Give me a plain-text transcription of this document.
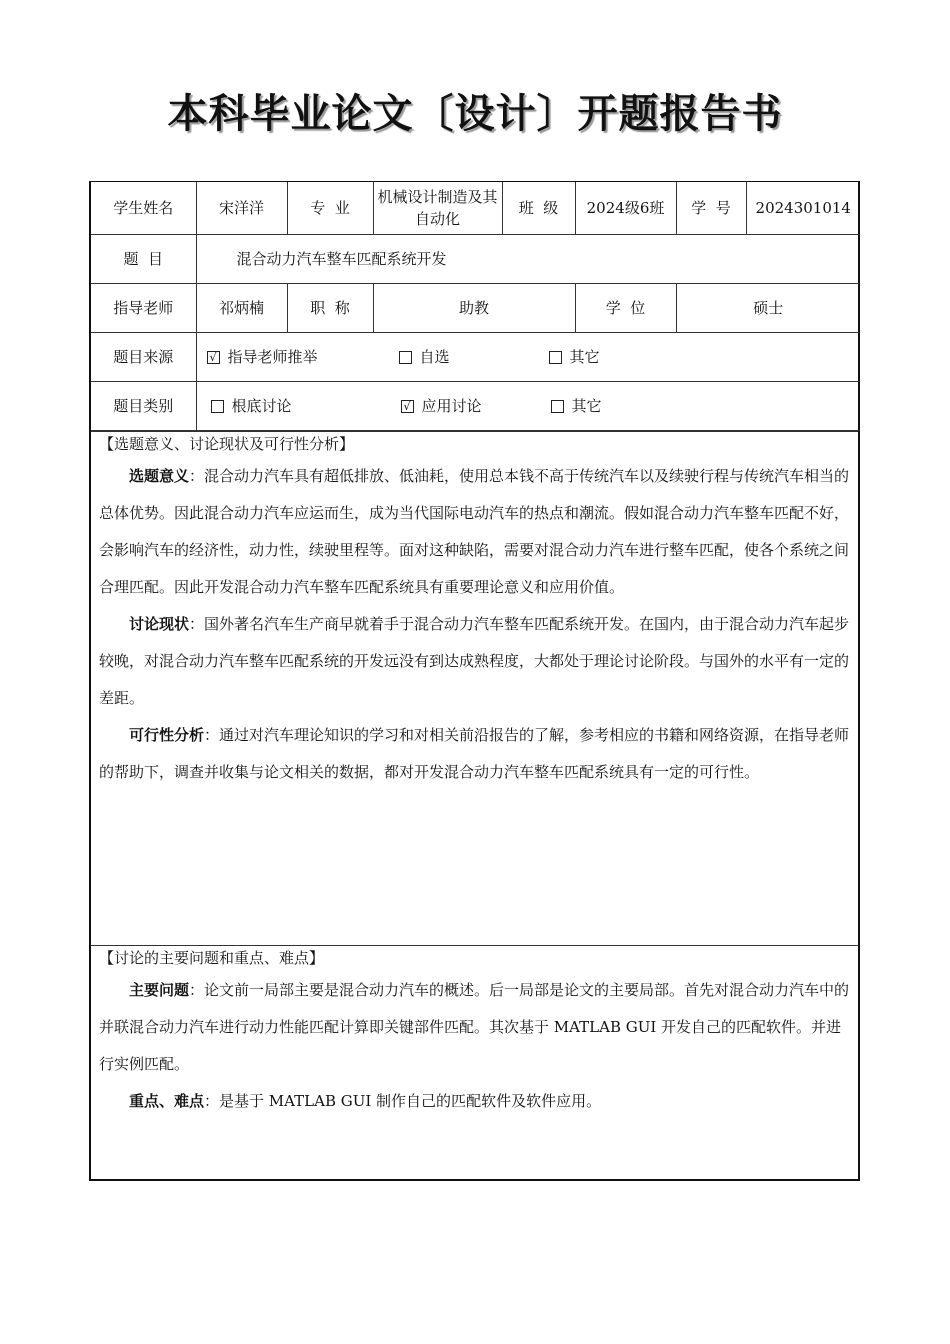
本科毕业论文〔设计〕开题报告书
学生姓名	宋洋洋	专  业	机械设计制造及其自动化	班  级	2024级6班	学  号	2024301014
题  目	混合动力汽车整车匹配系统开发						
指导老师	祁炳楠	职  称	助教		学  位	硕士	
题目来源	√ 指导老师推举 自选 其它						

题目类别	根底讨论 √ 应用讨论 其它						
【选题意义、讨论现状及可行性分析】

选题意义：混合动力汽车具有超低排放、低油耗，使用总本钱不高于传统汽车以及续驶行程与传统汽车相当的总体优势。因此混合动力汽车应运而生，成为当代国际电动汽车的热点和潮流。假如混合动力汽车整车匹配不好，会影响汽车的经济性，动力性，续驶里程等。面对这种缺陷，需要对混合动力汽车进行整车匹配，使各个系统之间合理匹配。因此开发混合动力汽车整车匹配系统具有重要理论意义和应用价值。

讨论现状：国外著名汽车生产商早就着手于混合动力汽车整车匹配系统开发。在国内，由于混合动力汽车起步较晚，对混合动力汽车整车匹配系统的开发远没有到达成熟程度，大都处于理论讨论阶段。与国外的水平有一定的差距。

可行性分析：通过对汽车理论知识的学习和对相关前沿报告的了解，参考相应的书籍和网络资源，在指导老师的帮助下，调查并收集与论文相关的数据，都对开发混合动力汽车整车匹配系统具有一定的可行性。

【讨论的主要问题和重点、难点】

主要问题：论文前一局部主要是混合动力汽车的概述。后一局部是论文的主要局部。首先对混合动力汽车中的并联混合动力汽车进行动力性能匹配计算即关键部件匹配。其次基于 MATLAB GUI 开发自己的匹配软件。并进行实例匹配。

重点、难点：是基于 MATLAB GUI 制作自己的匹配软件及软件应用。
